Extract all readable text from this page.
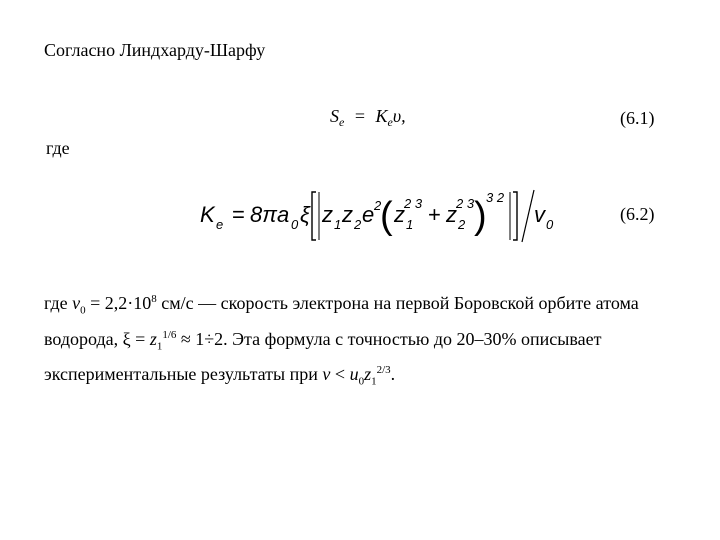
Согласно Линдхарду-Шарфу
$S_e = K_e\upsilon$,	(6.1)
где
K e = 8πa 0 ξ z 1 z 2 e 2
( z 2 3
1 + z 2 3
2 ) 3 2
v 0
(6.2)
где $v_0 = 2,2\cdot 10^8$ см/с — скорость электрона на первой Боровской орбите атома водорода, $\xi = z_1^{1/6} \approx 1\div 2$. Эта формула с точностью до 20–30% описывает экспериментальные результаты при $v < u_0z_1^{2/3}$.
